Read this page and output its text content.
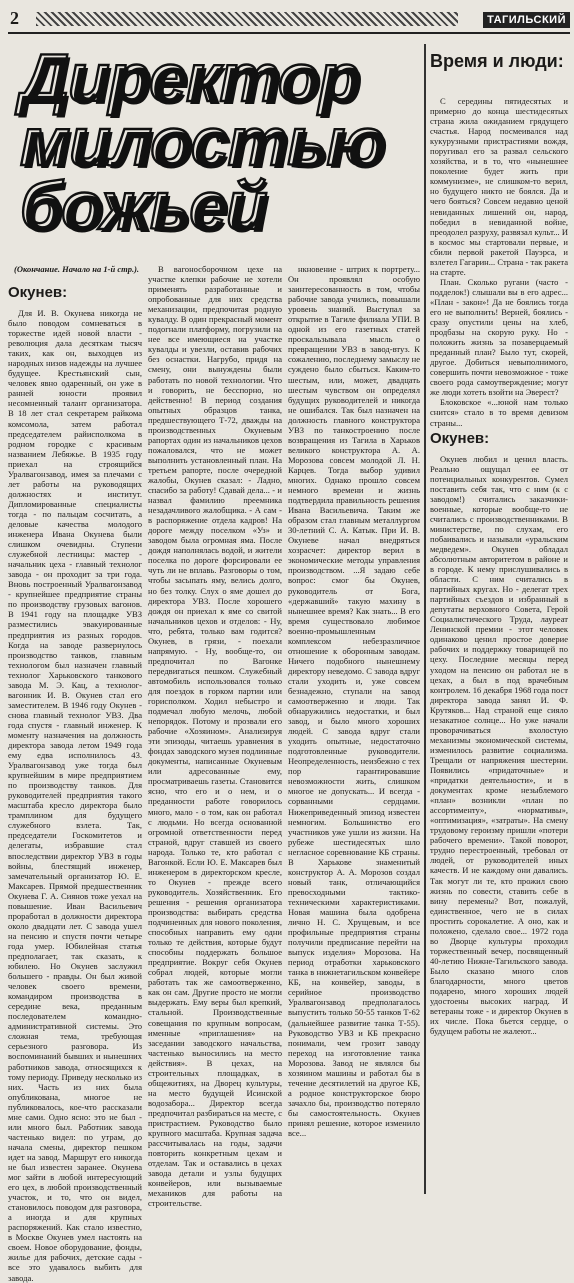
2	ТАГИЛЬСКИЙ
Директор
милостью
божьей
Время и люди:

С середины пятидесятых и примерно до конца шестидесятых страна жила ожиданием грядущего счастья. Народ посмеивался над кукурузными пристрастиями вождя, поругивал его за развал сельского хозяйства, и в то, что «нынешнее поколение будет жить при коммунизме», не слишком-то верил, но будущего никто не боялся. Да и чего бояться? Совсем недавно ценой невиданных лишений он, народ, победил в невиданной войне, преодолел разруху, развязал культ... И в космос мы стартовали первые, и сбили первой ракетой Пауэрса, и взлетел Гагарин... Страна - так ракета на старте.

План. Сколько ругани (часто - подделок!) слышали вы в его адрес... «План - закон»! Да не боялись тогда его не выполнить! Верней, боялись - сразу опустили цены на хлеб, продбазы на скорую руку. Но - положить жизнь за позаверцаемый преданный план? Было тут, скорей, другое. Добиться невыполнимого, совершить почти невозможное - тоже своего рода самоутверждение; могут же люди хотеть взойти на Эверест?

Блоковское «...юной нам только снится» стало в то время девизом страны...

Окунев:

Окунев любил и ценил власть. Реально ощущал ее от потенциальных конкурентов. Сумел поставить себя так, что с ним (к с заводом!) считались заказчики-военные, которые вообще-то не считались с производственниками. В министерстве, по слухам, его побаивались и называли «уральским медведем». Окунев обладал абсолютным авторитетом в районе и в городе. К нему прислушивались в области. С ним считались в партийных кругах. Но - делегат трех партийных съездов и избранный в депутаты верховного Совета, Герой Социалистического Труда, лауреат Ленинской премии - этот человек одинаково ценил простое доверие рабочих и поддержку товарищей по цеху. Последние месяцы перед уходом на пенсию он работал не в цехах, а был в под врачебным контролем. 16 декабря 1968 года пост директора завода занял И. Ф. Крутяков... Над страной еще сияло незакатное солнце... Но уже начали проворачиваться вхолостую механизмы экономической системы, изменилось развитие социализма. Трещали от напряжения шестерни. Появились «придаточные» и «придатки деятельности», и в документах кроме незыблемого «план» возникли «план по ассортименту», «нормативы», «оптимизация», «затраты». На смену трудовому героизму пришли «потери рабочего времени». Такой поворот, трудно перестроенный, требовал от людей, от руководителей иных качеств. И не каждому они давались. Так могут ли те, кто прожил свою жизнь по совести, ставить себе в вину перемены? Вот, пожалуй, единственное, чего не в силах простить сорокалетие. А оно, как и положено, сделало свое... 1972 года во Дворце культуры проходил торжественный вечер, посвященный 40-летию Нижне-Тагильского завода. Было сказано много слов благодарности, много цветов подарено, много хороших людей удостоены высоких наград. И ветераны тоже - и директор Окунев в их числе. Пока бьется сердце, о будущем работы не жалеют...

(Окончание. Начало на 1-й стр.).
Окунев:

Для И. В. Окунева никогда не было поводом сомневаться в торжестве идей новой власти - революция дала десяткам тысяч таких, как он, выходцев из народных низов надежды на лучшее будущее. Крестьянский сын, человек явно одаренный, он уже в ранней юности проявил несомненный талант организатора. В 18 лет стал секретарем райкома комсомола, затем работал председателем райисполкома в родном городке с красивым названием Лебяжье. В 1935 году приехал на строящийся Уралвагонзавод, имея за плечами с лет работы на руководящих должностях и институт. Дипломированные специалисты тогда - по пальцам сосчитать, а деловые качества молодого инженера Ивана Окунева были слишком очевидны. Ступени служебной лестницы: мастер - начальник цеха - главный технолог завода - он проходит за три года. Вновь построенный Уралвагонзавод - крупнейшее предприятие страны по производству грузовых вагонов. В 1941 году на площадке УВЗ разместились эвакуированные предприятия из разных городов. Когда на заводе развернулось производство танков, главным технологом был назначен главный технолог Харьковского танкового завода М. Э. Кац, а технолог-вагонник И. В. Окунев стал его заместителем. В 1946 году Окунев - снова главный технолог УВЗ. Два года спустя - главный инженер. К моменту назначения на должность директора завода летом 1949 года ему едва исполнилось 43. Уралвагонзавод уже тогда был крупнейшим в мире предприятием по производству танков. Для руководителей предприятия такого масштаба кресло директора было трамплином для будущего служебного взлета. Так, председатели Госкомитетов и делегаты, избравшие стал впоследствии директор УВЗ в годы войны, блестящий инженер, замечательный организатор Ю. Е. Максарев. Прямой предшественник Окунева Г. А. Сиянов тоже уехал на повышение. Иван Васильевич проработал в должности директора около двадцати лет. С завода ушел на пенсию и спустя почти четыре года умер. Юбилейная статья предполагает, так сказать, к юбилею. Но Окунев заслужил большего - правды. Он был живой человек своего времени, командиром производства в середине века, преданным последователем командно-административной системы. Это сложная тема, требующая серьезного разговора. Из воспоминаний бывших и нынешних работников завода, относящихся к тому периоду. Приведу несколько из них. Часть из них была опубликована, многое не публиковалось, кое-что рассказали мне сами. Одно ясно: это не был - или много был. Работник завода частенько видел: по утрам, до начала смены, директор пешком идет на завод. Маршрут его никогда не был известен заранее. Окунева мог зайти в любой интересующий его цех, в любой производственный участок, и то, что он видел, становилось поводом для разговора, а иногда и для крупных распоряжений. Как стало известно, в Москве Окунев умел настоять на своем. Новое оборудование, фонды, жилье для рабочих, детские сады - все это удавалось выбить для завода.

В вагоносборочном цехе на участке клепки рабочие не хотели применять разработанные и опробованные для них средства механизации, предпочитая родную кувалду. В один прекрасный момент подогнали платформу, погрузили на нее все имеющиеся на участке кувалды и увезли, оставив рабочих без оснастки. Нагрубо, придя на смену, они вынуждены были работать по новой технологии. Что и говорить, не бесспорно, но действенно! В период создания опытных образцов танка, предшествующего Т-72, дважды на производственных Окуневым рапортах один из начальников цехов пожаловался, что не может выполнить установленный план. На третьем рапорте, после очередной жалобы, Окунев сказал: - Ладно, спасибо за работу! Сдавай дела... - и назвал фамилию преемника незадачливого жалобщика. - А сам - в распоряжение отдела кадров! На дороге между поселком «Уз» и заводом была огромная яма. После дождя наполнялась водой, и жители поселка по дороге форсировали ее чуть ли не вплавь. Разговоры о том, чтобы засыпать яму, велись долго, но без толку. Слух о яме дошел до директора УВЗ. После хорошего дождя он приехал к яме со свитой начальников цехов и отделов: - Ну, что, ребята, только вам годится? Окунев, в грязи, - поехали напрямую. - Ну, вообще-то, он предпочитал по Вагонке передвигаться пешком. Служебный автомобиль использовался только для поездок в горком партии или горисполком. Ходил небыстро и подмечал любую мелочь, любой непорядок. Потому и прозвали его рабочие «Хозяином». Анализируя эти эпизоды, читаешь уравнения в фондах заводского музея подлинные документы, написанные Окуневым или адресованные ему, просматриваешь газеты. Становится ясно, что его и о нем, и о преданности работе говорилось много, мало - о том, как он работал с людьми. Но всегда основанной огромной ответственности перед страной, вдруг ставшей из своего народа. Только те, кто работал с Вагонкой. Если Ю. Е. Максарев был инженером в директорском кресле, то Окунев - прежде всего руководитель. Хозяйственник. Его решения - решения организатора производства: выбирать средства подчиненных для нового поколения, способных направить ему одни только те действия, которые будут способны поддержать большое предприятие. Вокруг себя Окунев собрал людей, которые могли работать так же самоотверженно, как он сам. Другие просто не могли выдержать. Ему веры был крепкий, стальной. Производственные совещания по крупным вопросам, именные «приглашения» на заседании заводского начальства, частенько выносились на место действия». В цехах, на строительных площадках, в общежитиях, на Дворец культуры, на место будущей Исинской водозабора... Директор всегда предпочитал разбираться на месте, с пристрастием. Руководство было крупного масштаба. Крупная задача рассчитывалась на годы, задачи повторить конкретным цехам и отделам. Так и оставались в цехах завода детали и узлы будущих конвейеров, или вызываемые механиков для работы на строительстве.

нкновение - штрих к портрету... Он проявлял особую заинтересованность в том, чтобы рабочие завода учились, повышали уровень знаний. Выступал за открытие в Тагиле филиала УПИ. В одной из его газетных статей проскальзывала мысль о превращении УВЗ в завод-втуз. К сожалению, последнему замыслу не суждено было сбыться. Каким-то шестым, или, может, двадцать шестым чувством он определял будущих руководителей и никогда не ошибался. Так был назначен на должность главного конструктора УВЗ по танкостроению после возвращения из Тагила в Харьков великого конструктора А. А. Морозова совсем молодой Л. Н. Карцев. Тогда выбор удивил многих. Однако прошло совсем немного времени и жизнь подтвердила правильность решения Ивана Васильевича. Таким же образом стал главным металлургом 30-летний С. А. Катык. При И. В. Окуневе начал внедряться хозрасчет: директор верил в экономические методы управления производством. ...Я задаю себе вопрос: смог бы Окунев, руководитель от Бога, «державший» такую махину в нынешнее время? Как знать... В его время существовало любимое военно-промышленным комплексом небезразличное отношение к оборонным заводам. Ничего подобного нынешнему директору неведомо. С завода вдруг стали уходить и, уже совсем безнадежно, ступали на завод самоотверженно и люди. Так обнаружились недостатки, и был завод, и было много хороших людей. С завода вдруг стали уходить опытные, недостаточно подготовленные руководители. Неопределенность, неизбежно с тех пор гарантировавшие невозможности жить, слишком многое не допускать... И всегда - сорванными сердцами. Нижеприведенный эпизод известен немногим. Большинство его участников уже ушли из жизни. На рубеже шестидесятых шло негласное соревнование КБ страны. В Харькове знаменитый конструктор А. А. Морозов создал новый танк, отличающийся превосходными тактико-техническими характеристиками. Новая машина была одобрена лично Н. С. Хрущевым, и все профильные предприятия страны получили предписание перейти на выпуск изделия» Морозова. На период отработки харьковского танка в нижнетагильском конвейере КБ, на конвейер, заводы, в серийное производство Уралвагонзавод предполагалось выпустить только 50-55 танков Т-62 (дальнейшее развитие танка Т-55). Руководство УВЗ и КБ прекрасно понимали, чем грозит заводу переход на изготовление танка Морозова. Завод не являлся бы хозяином машины и работал бы в течение десятилетий на другое КБ, а родное конструкторское бюро зачахло бы, производство потеряло бы самостоятельность. Окунев принял решение, которое изменило все...
